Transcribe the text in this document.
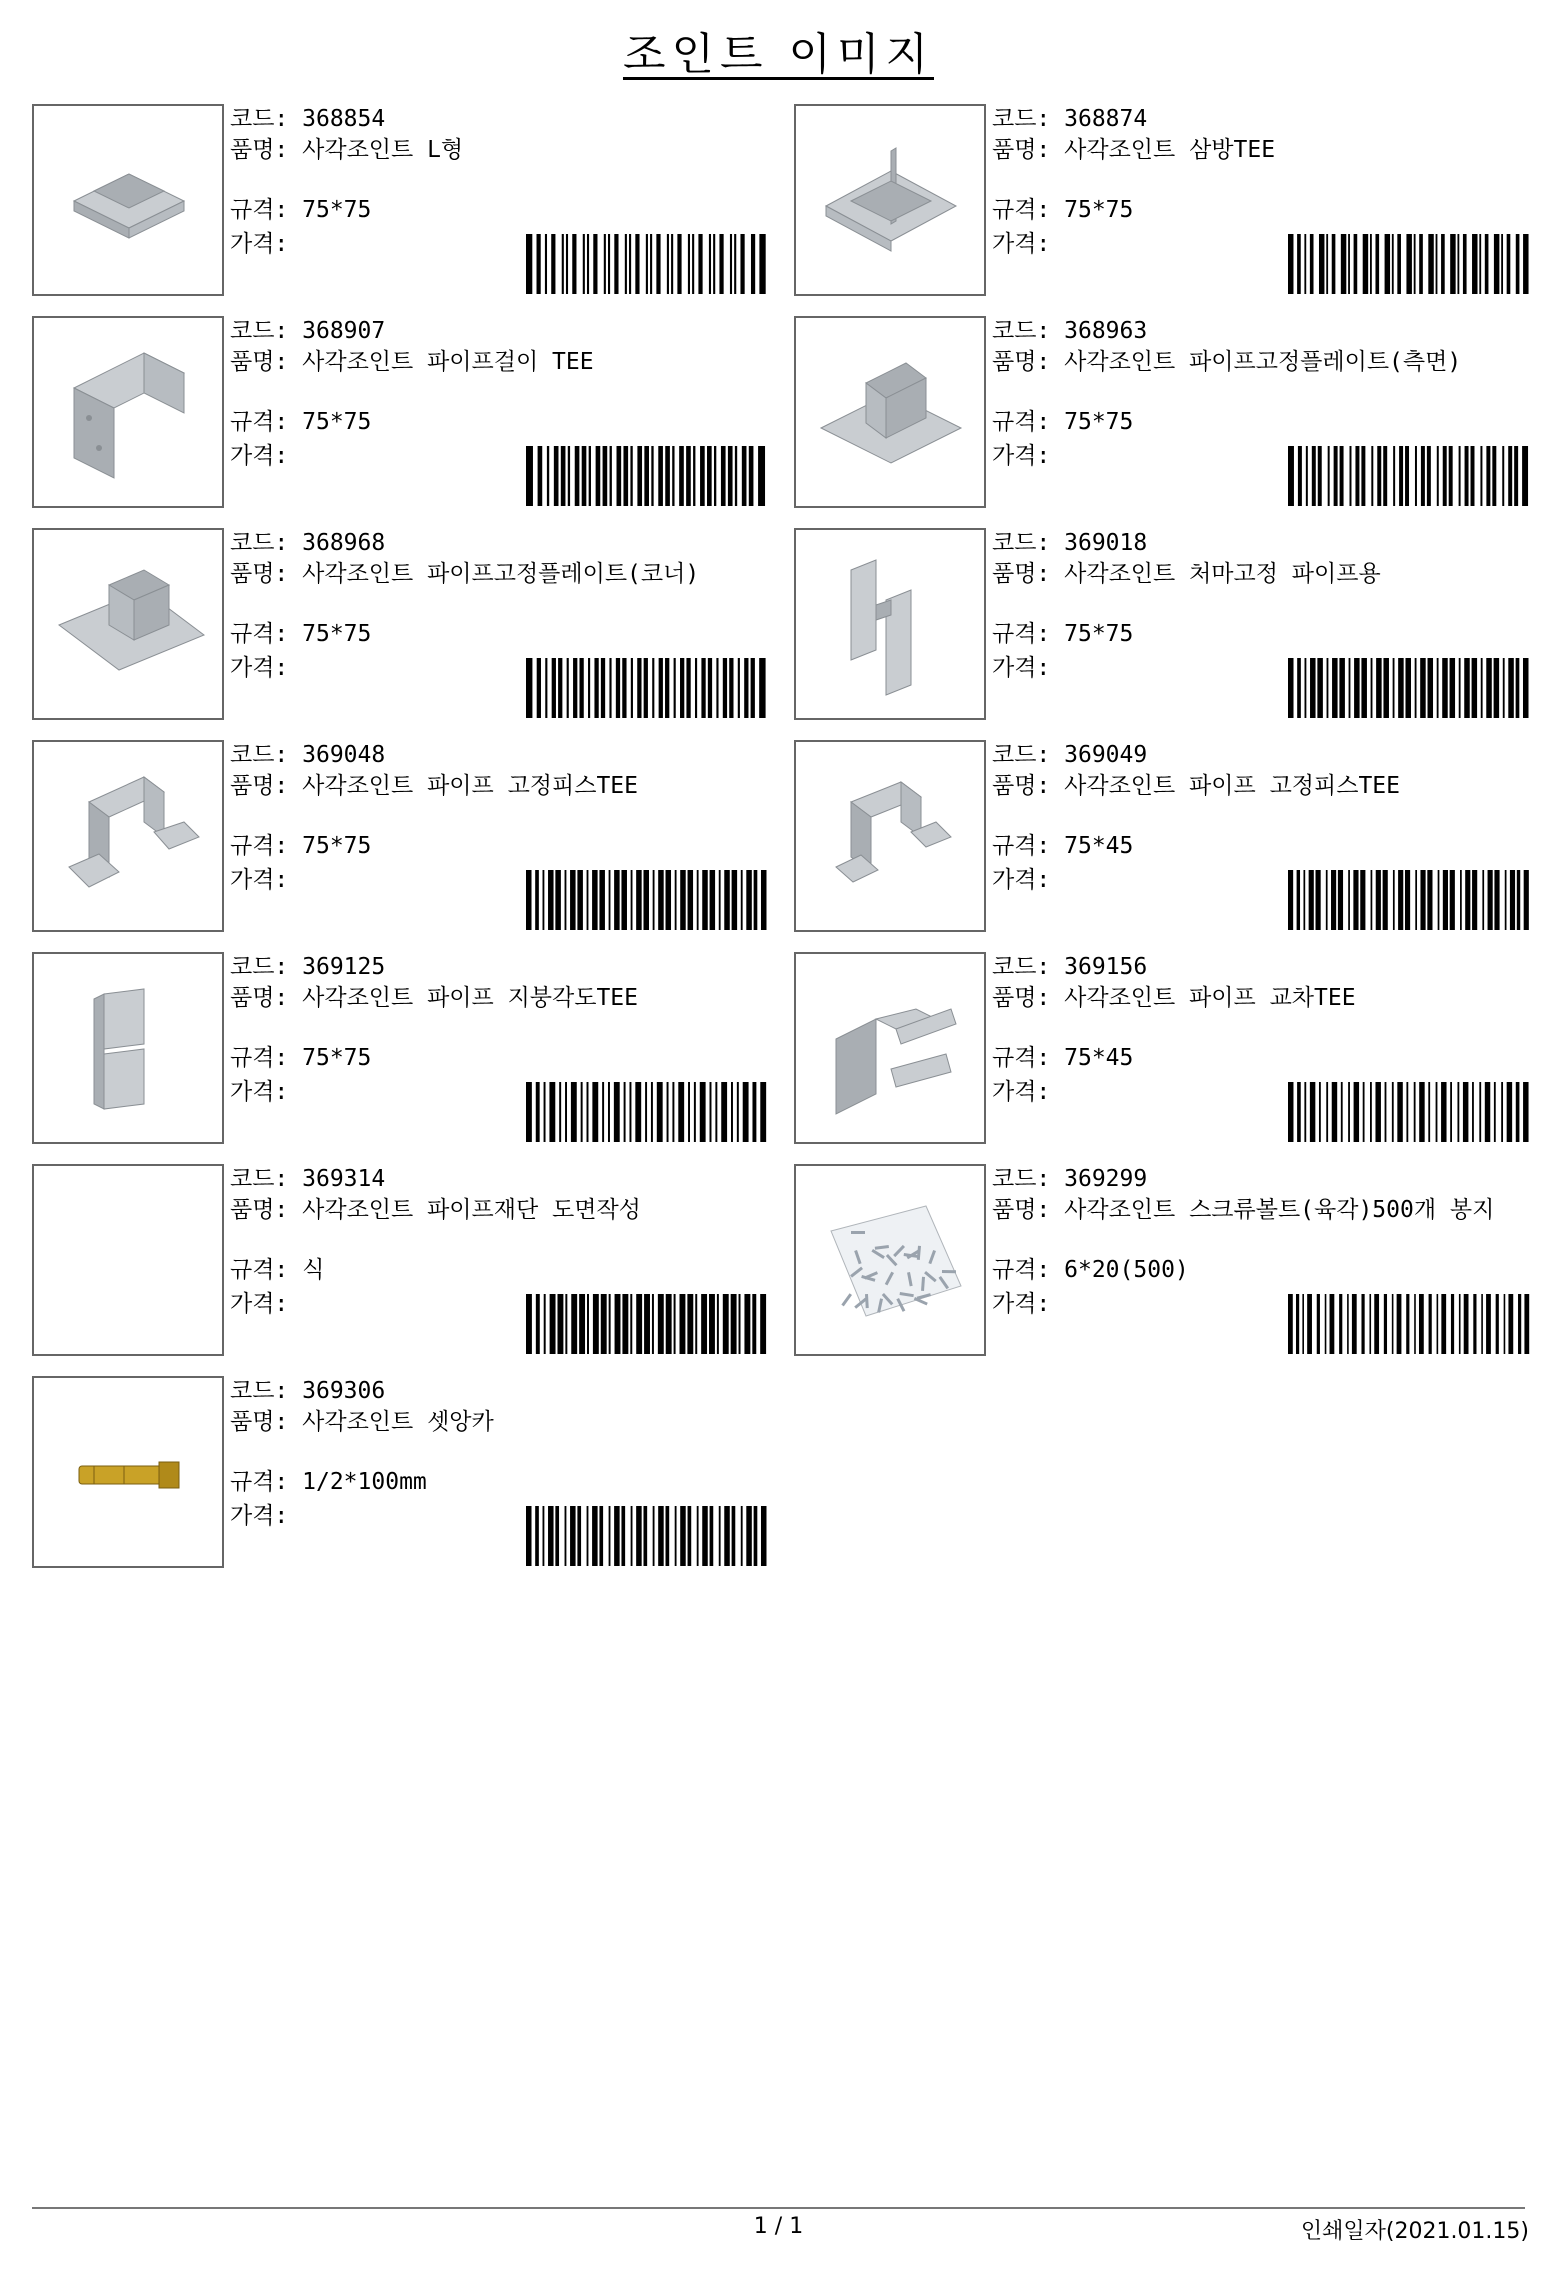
조인트 이미지
코드: 368854
품명: 사각조인트 L형
규격: 75*75
가격:
코드: 368874
품명: 사각조인트 삼방TEE
규격: 75*75
가격:
코드: 368907
품명: 사각조인트 파이프걸이 TEE
규격: 75*75
가격:
코드: 368963
품명: 사각조인트 파이프고정플레이트(측면)
규격: 75*75
가격:
코드: 368968
품명: 사각조인트 파이프고정플레이트(코너)
규격: 75*75
가격:
코드: 369018
품명: 사각조인트 처마고정 파이프용
규격: 75*75
가격:
코드: 369048
품명: 사각조인트 파이프 고정피스TEE
규격: 75*75
가격:
코드: 369049
품명: 사각조인트 파이프 고정피스TEE
규격: 75*45
가격:
코드: 369125
품명: 사각조인트 파이프 지붕각도TEE
규격: 75*75
가격:
코드: 369156
품명: 사각조인트 파이프 교차TEE
규격: 75*45
가격:
코드: 369314
품명: 사각조인트 파이프재단 도면작성
규격: 식
가격:
코드: 369299
품명: 사각조인트 스크류볼트(육각)500개 봉지
규격: 6*20(500)
가격:
코드: 369306
품명: 사각조인트 셋앙카
규격: 1/2*100mm
가격:
1 / 1	인쇄일자(2021.01.15)
